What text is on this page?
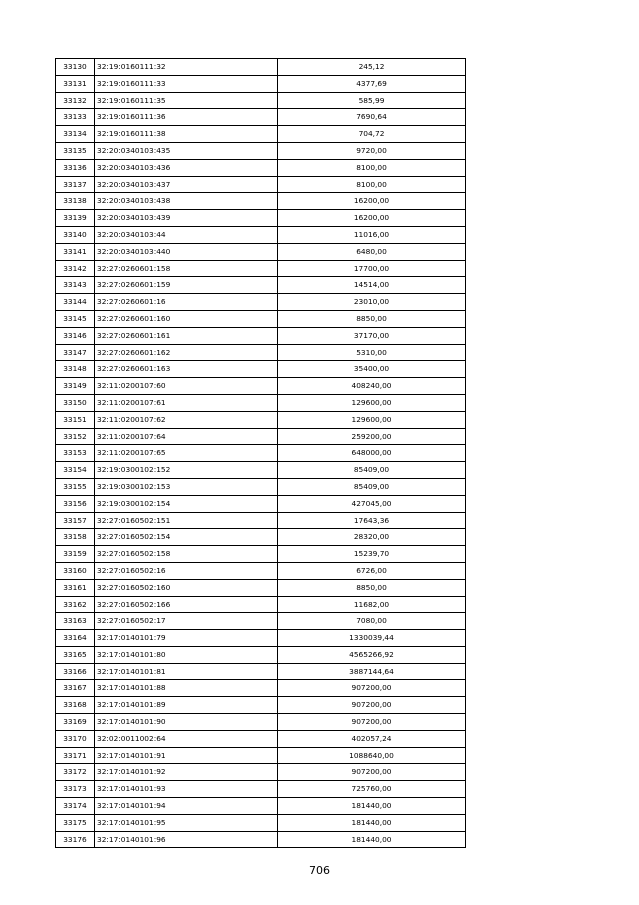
33130	32:19:0160111:32	245,12
33131	32:19:0160111:33	4377,69
33132	32:19:0160111:35	585,99
33133	32:19:0160111:36	7690,64
33134	32:19:0160111:38	704,72
33135	32:20:0340103:435	9720,00
33136	32:20:0340103:436	8100,00
33137	32:20:0340103:437	8100,00
33138	32:20:0340103:438	16200,00
33139	32:20:0340103:439	16200,00
33140	32:20:0340103:44	11016,00
33141	32:20:0340103:440	6480,00
33142	32:27:0260601:158	17700,00
33143	32:27:0260601:159	14514,00
33144	32:27:0260601:16	23010,00
33145	32:27:0260601:160	8850,00
33146	32:27:0260601:161	37170,00
33147	32:27:0260601:162	5310,00
33148	32:27:0260601:163	35400,00
33149	32:11:0200107:60	408240,00
33150	32:11:0200107:61	129600,00
33151	32:11:0200107:62	129600,00
33152	32:11:0200107:64	259200,00
33153	32:11:0200107:65	648000,00
33154	32:19:0300102:152	85409,00
33155	32:19:0300102:153	85409,00
33156	32:19:0300102:154	427045,00
33157	32:27:0160502:151	17643,36
33158	32:27:0160502:154	28320,00
33159	32:27:0160502:158	15239,70
33160	32:27:0160502:16	6726,00
33161	32:27:0160502:160	8850,00
33162	32:27:0160502:166	11682,00
33163	32:27:0160502:17	7080,00
33164	32:17:0140101:79	1330039,44
33165	32:17:0140101:80	4565266,92
33166	32:17:0140101:81	3887144,64
33167	32:17:0140101:88	907200,00
33168	32:17:0140101:89	907200,00
33169	32:17:0140101:90	907200,00
33170	32:02:0011002:64	402057,24
33171	32:17:0140101:91	1088640,00
33172	32:17:0140101:92	907200,00
33173	32:17:0140101:93	725760,00
33174	32:17:0140101:94	181440,00
33175	32:17:0140101:95	181440,00
33176	32:17:0140101:96	181440,00
706
